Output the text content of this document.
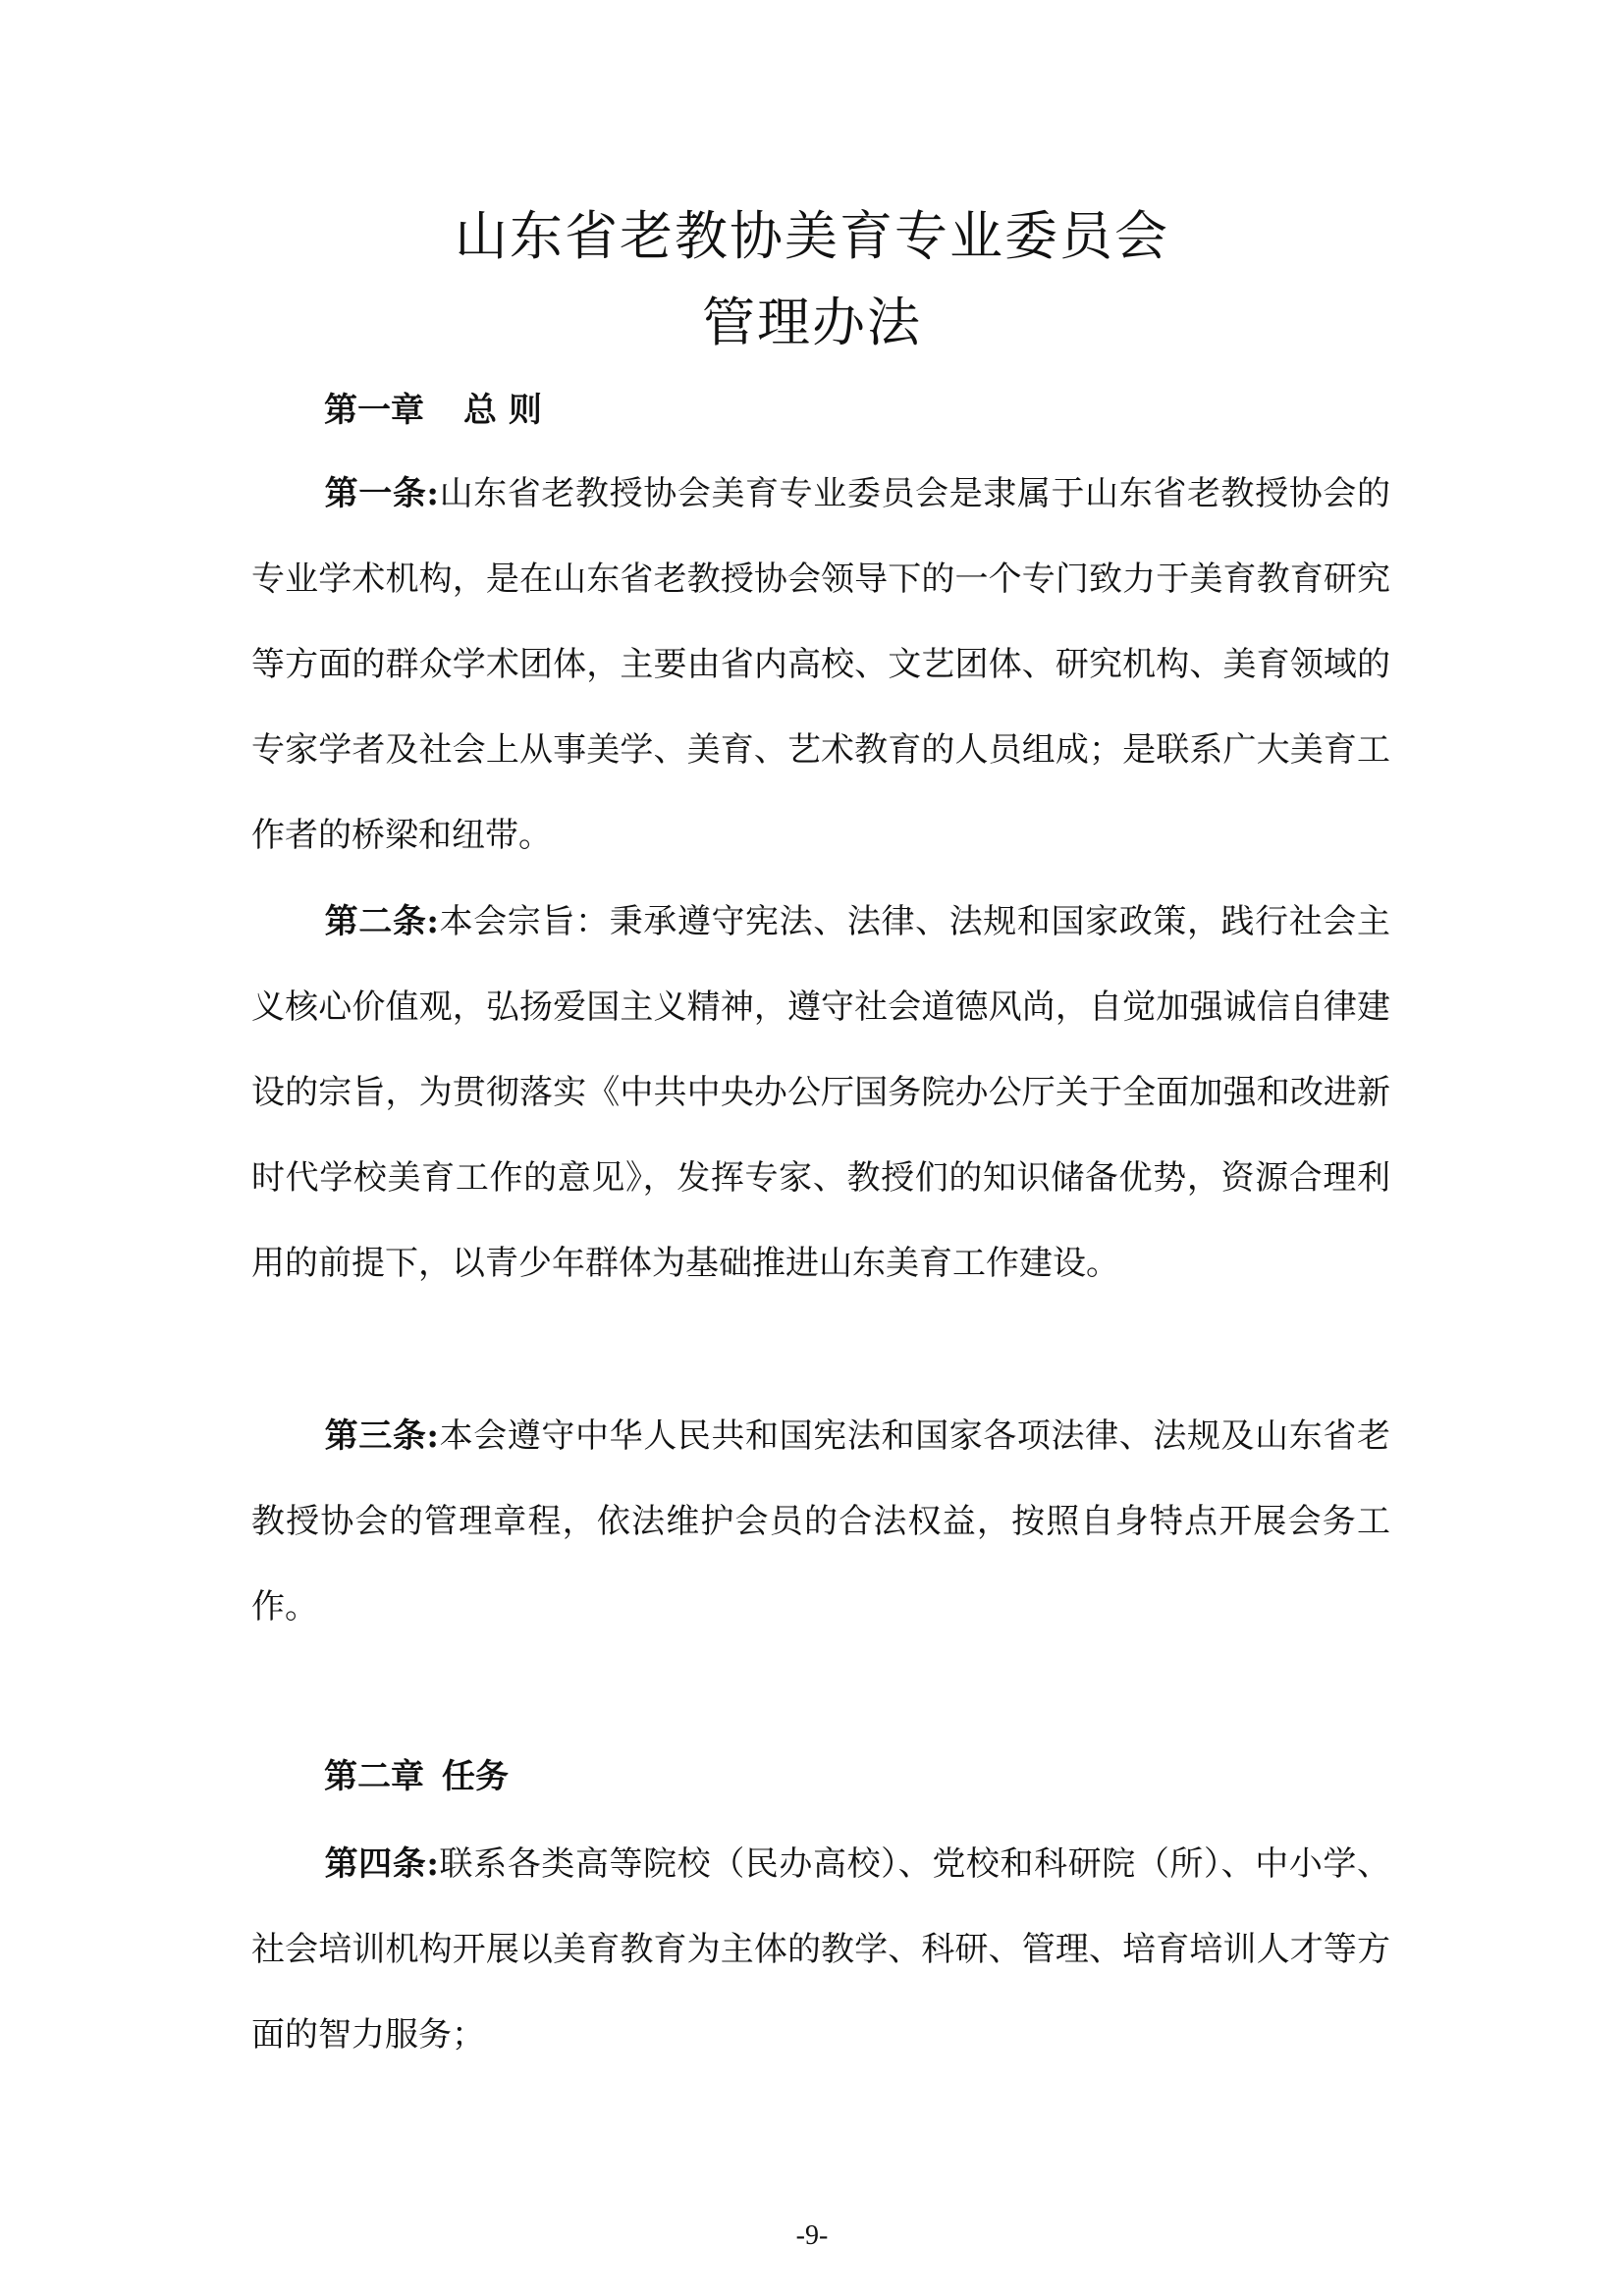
山东省老教协美育专业委员会
管理办法

第一章 总 则

第一条:山东省老教授协会美育专业委员会是隶属于山东省老教授协会的专业学术机构，是在山东省老教授协会领导下的一个专门致力于美育教育研究等方面的群众学术团体，主要由省内高校、文艺团体、研究机构、美育领域的专家学者及社会上从事美学、美育、艺术教育的人员组成；是联系广大美育工作者的桥梁和纽带。

第二条:本会宗旨：秉承遵守宪法、法律、法规和国家政策，践行社会主义核心价值观，弘扬爱国主义精神，遵守社会道德风尚，自觉加强诚信自律建设的宗旨，为贯彻落实《中共中央办公厅国务院办公厅关于全面加强和改进新时代学校美育工作的意见》，发挥专家、教授们的知识储备优势，资源合理利用的前提下，以青少年群体为基础推进山东美育工作建设。

第三条:本会遵守中华人民共和国宪法和国家各项法律、法规及山东省老教授协会的管理章程，依法维护会员的合法权益，按照自身特点开展会务工作。

第二章 任务

第四条:联系各类高等院校（民办高校）、党校和科研院（所）、中小学、社会培训机构开展以美育教育为主体的教学、科研、管理、培育培训人才等方面的智力服务；

-9-
